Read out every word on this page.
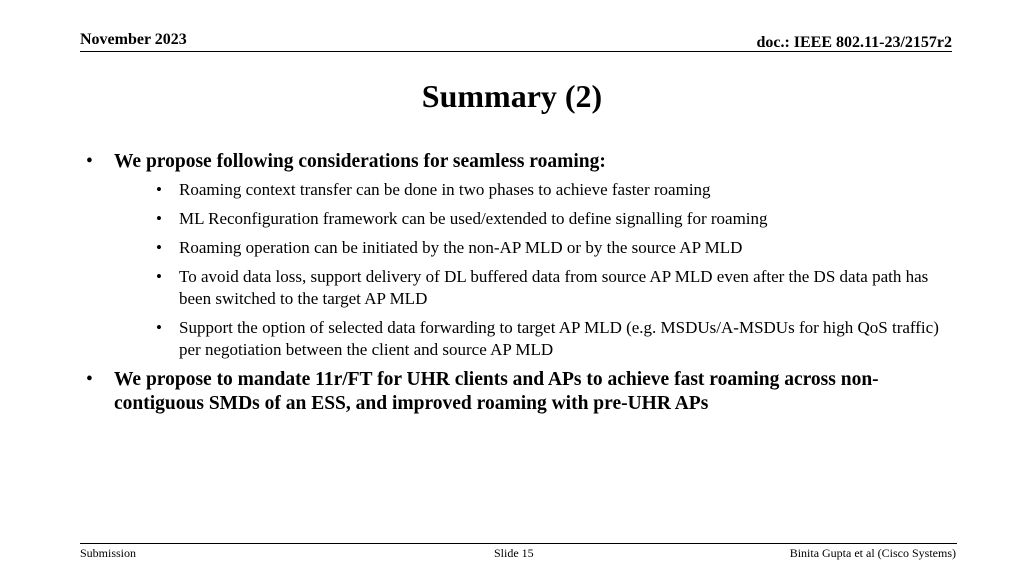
November 2023	doc.: IEEE 802.11-23/2157r2
Summary (2)
• We propose following considerations for seamless roaming:
• Roaming context transfer can be done in two phases to achieve faster roaming
• ML Reconfiguration framework can be used/extended to define signalling for roaming
• Roaming operation can be initiated by the non-AP MLD or by the source AP MLD
• To avoid data loss, support delivery of DL buffered data from source AP MLD even after the DS data path has been switched to the target AP MLD
• Support the option of selected data forwarding to target AP MLD (e.g. MSDUs/A-MSDUs for high QoS traffic) per negotiation between the client and source AP MLD
• We propose to mandate 11r/FT for UHR clients and APs to achieve fast roaming across non-contiguous SMDs of an ESS, and improved roaming with pre-UHR APs
Submission	Slide 15	Binita Gupta et al (Cisco Systems)
